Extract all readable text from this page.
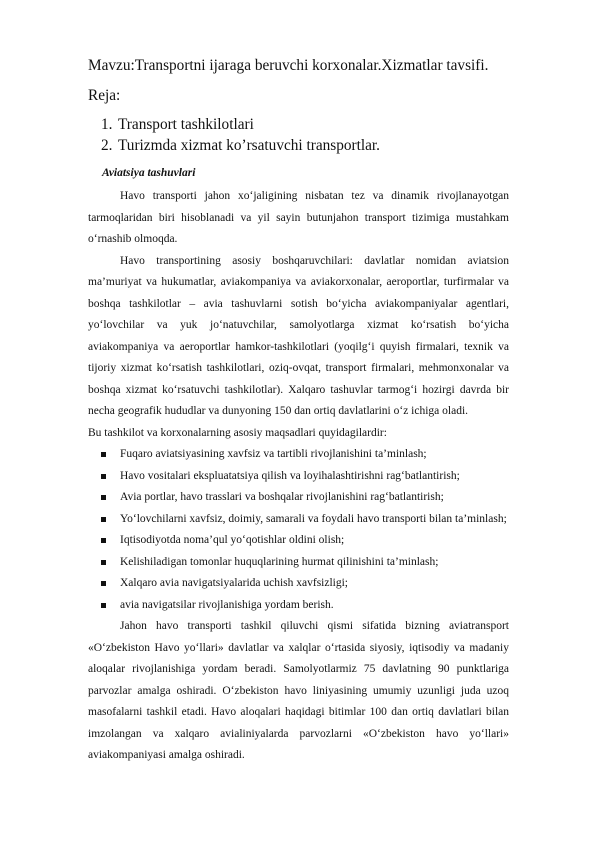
Mavzu:Transportni ijaraga beruvchi korxonalar.Xizmatlar tavsifi.
Reja:
1. Transport tashkilotlari
2. Turizmda xizmat ko’rsatuvchi transportlar.
Aviatsiya tashuvlari

Havo transporti jahon xo‘jaligining nisbatan tez va dinamik rivojlanayotgan tarmoqlaridan biri hisoblanadi va yil sayin butunjahon transport tizimiga mustahkam o‘rnashib olmoqda.

Havo transportining asosiy boshqaruvchilari: davlatlar nomidan aviatsion ma’muriyat va hukumatlar, aviakompaniya va aviakorxonalar, aeroportlar, turfirmalar va boshqa tashkilotlar – avia tashuvlarni sotish bo‘yicha aviakompaniyalar agentlari, yo‘lovchilar va yuk jo‘natuvchilar, samolyotlarga xizmat ko‘rsatish bo‘yicha aviakompaniya va aeroportlar hamkor-tashkilotlari (yoqilg‘i quyish firmalari, texnik va tijoriy xizmat ko‘rsatish tashkilotlari, oziq-ovqat, transport firmalari, mehmonxonalar va boshqa xizmat ko‘rsatuvchi tashkilotlar). Xalqaro tashuvlar tarmog‘i hozirgi davrda bir necha geografik hududlar va dunyoning 150 dan ortiq davlatlarini o‘z ichiga oladi.

Bu tashkilot va korxonalarning asosiy maqsadlari quyidagilardir:

Fuqaro aviatsiyasining xavfsiz va tartibli rivojlanishini ta’minlash;
Havo vositalari ekspluatatsiya qilish va loyihalashtirishni rag‘batlantirish;
Avia portlar, havo trasslari va boshqalar rivojlanishini rag‘batlantirish;
Yo‘lovchilarni xavfsiz, doimiy, samarali va foydali havo transporti bilan ta’minlash;
Iqtisodiyotda noma’qul yo‘qotishlar oldini olish;
Kelishiladigan tomonlar huquqlarining hurmat qilinishini ta’minlash;
Xalqaro avia navigatsiyalarida uchish xavfsizligi;
avia navigatsilar rivojlanishiga yordam berish.

Jahon havo transporti tashkil qiluvchi qismi sifatida bizning aviatransport «O‘zbekiston Havo yo‘llari» davlatlar va xalqlar o‘rtasida siyosiy, iqtisodiy va madaniy aloqalar rivojlanishiga yordam beradi. Samolyotlarmiz 75 davlatning 90 punktlariga parvozlar amalga oshiradi. O‘zbekiston havo liniyasining umumiy uzunligi juda uzoq masofalarni tashkil etadi. Havo aloqalari haqidagi bitimlar 100 dan ortiq davlatlari bilan imzolangan va xalqaro avialiniyalarda parvozlarni «O‘zbekiston havo yo‘llari» aviakompaniyasi amalga oshiradi.
